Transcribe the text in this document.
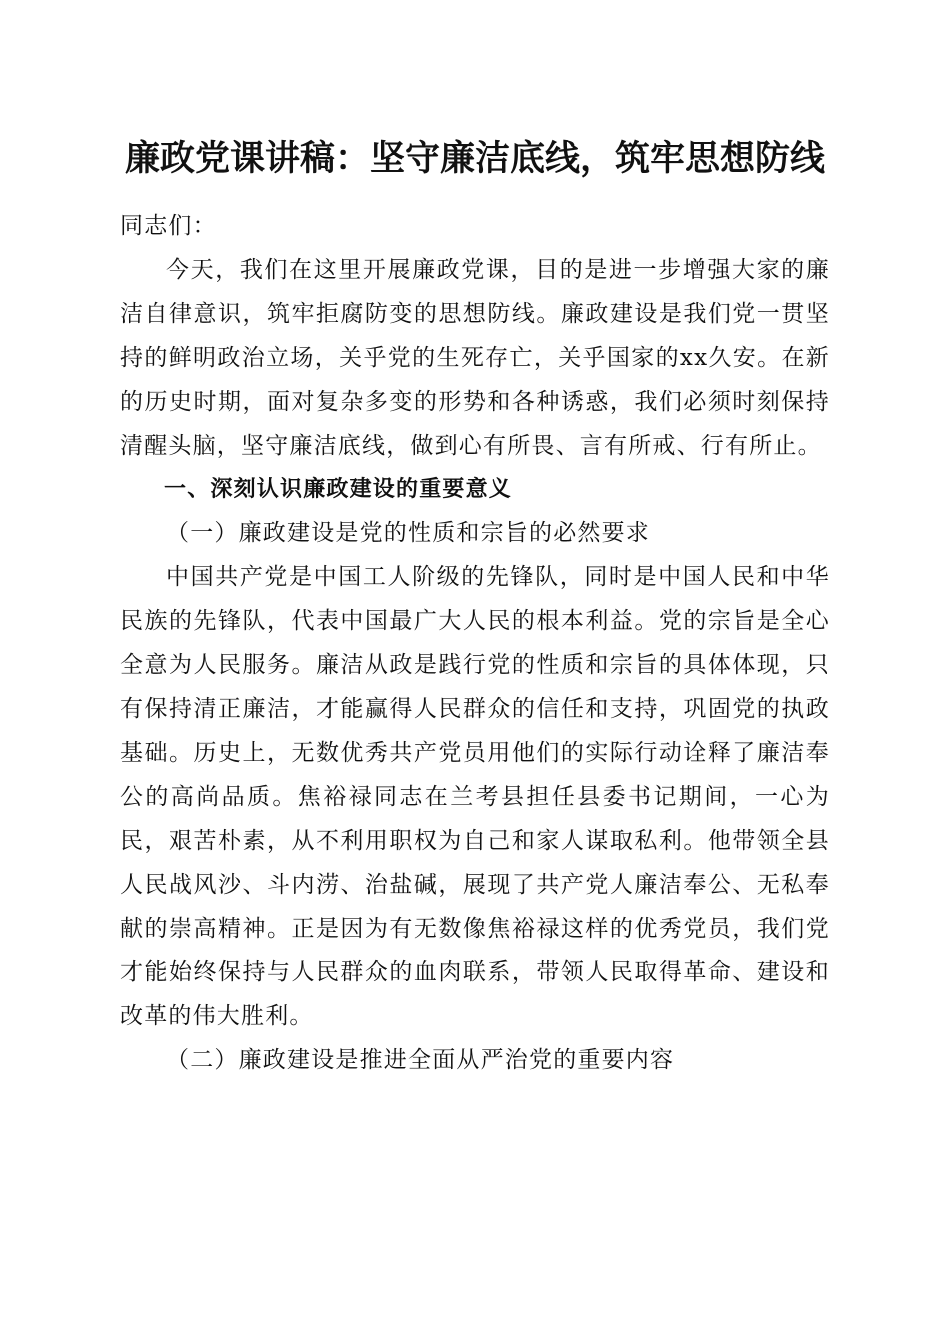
廉政党课讲稿：坚守廉洁底线，筑牢思想防线

同志们：

今天，我们在这里开展廉政党课，目的是进一步增强大家的廉洁自律意识，筑牢拒腐防变的思想防线。廉政建设是我们党一贯坚持的鲜明政治立场，关乎党的生死存亡，关乎国家的xx久安。在新的历史时期，面对复杂多变的形势和各种诱惑，我们必须时刻保持清醒头脑，坚守廉洁底线，做到心有所畏、言有所戒、行有所止。

一、深刻认识廉政建设的重要意义

（一）廉政建设是党的性质和宗旨的必然要求

中国共产党是中国工人阶级的先锋队，同时是中国人民和中华民族的先锋队，代表中国最广大人民的根本利益。党的宗旨是全心全意为人民服务。廉洁从政是践行党的性质和宗旨的具体体现，只有保持清正廉洁，才能赢得人民群众的信任和支持，巩固党的执政基础。历史上，无数优秀共产党员用他们的实际行动诠释了廉洁奉公的高尚品质。焦裕禄同志在兰考县担任县委书记期间，一心为民，艰苦朴素，从不利用职权为自己和家人谋取私利。他带领全县人民战风沙、斗内涝、治盐碱，展现了共产党人廉洁奉公、无私奉献的崇高精神。正是因为有无数像焦裕禄这样的优秀党员，我们党才能始终保持与人民群众的血肉联系，带领人民取得革命、建设和改革的伟大胜利。

（二）廉政建设是推进全面从严治党的重要内容
